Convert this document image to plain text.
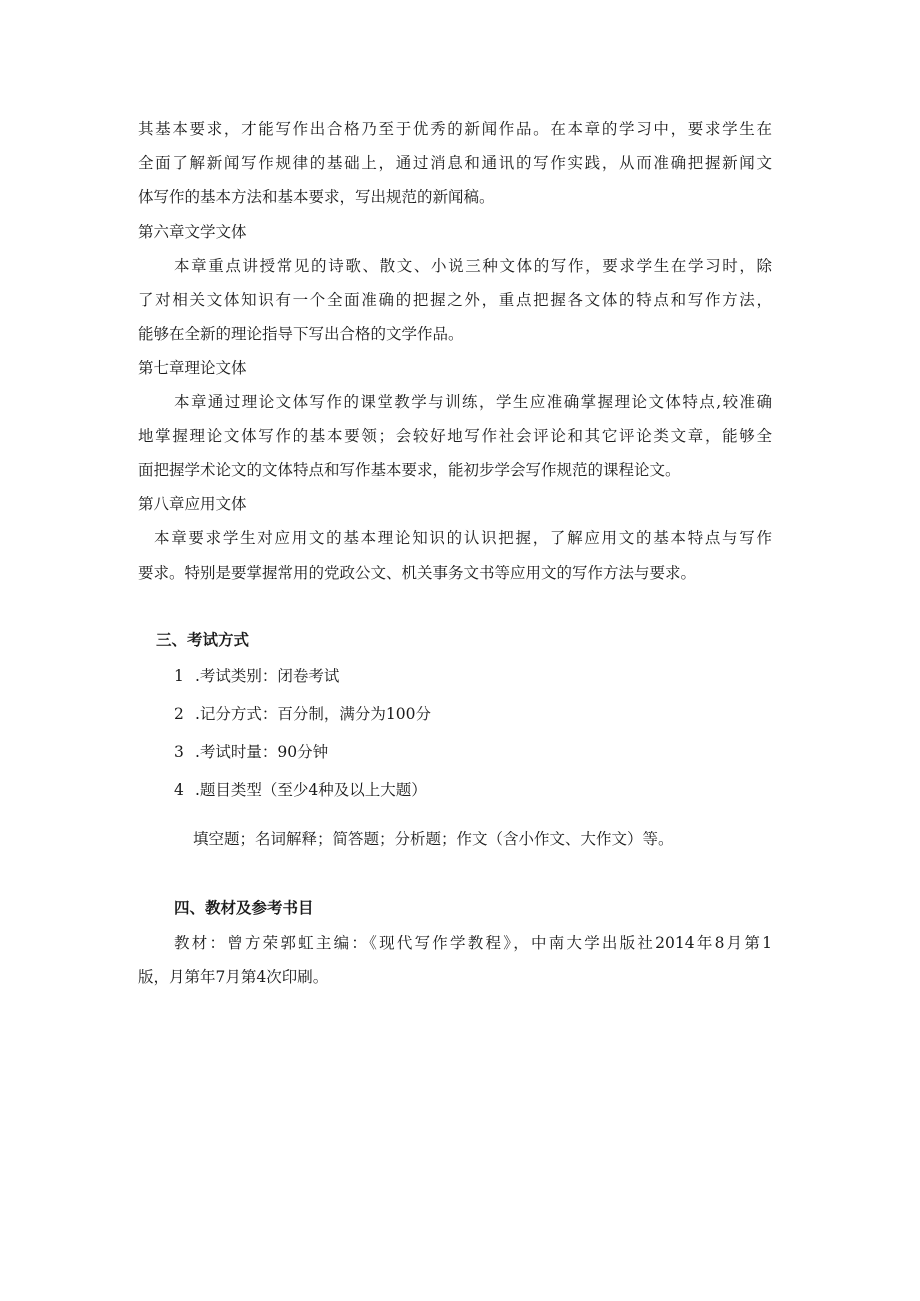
其基本要求，才能写作出合格乃至于优秀的新闻作品。在本章的学习中，要求学生在
全面了解新闻写作规律的基础上，通过消息和通讯的写作实践，从而准确把握新闻文
体写作的基本方法和基本要求，写出规范的新闻稿。
第六章文学文体
本章重点讲授常见的诗歌、散文、小说三种文体的写作，要求学生在学习时，除
了对相关文体知识有一个全面准确的把握之外，重点把握各文体的特点和写作方法，
能够在全新的理论指导下写出合格的文学作品。
第七章理论文体
本章通过理论文体写作的课堂教学与训练，学生应准确掌握理论文体特点,较准确
地掌握理论文体写作的基本要领；会较好地写作社会评论和其它评论类文章，能够全
面把握学术论文的文体特点和写作基本要求，能初步学会写作规范的课程论文。
第八章应用文体
本章要求学生对应用文的基本理论知识的认识把握，了解应用文的基本特点与写作
要求。特别是要掌握常用的党政公文、机关事务文书等应用文的写作方法与要求。
三、考试方式
1 .考试类别：闭卷考试
2 .记分方式：百分制，满分为100分
3 .考试时量：90分钟
4 .题目类型（至少4种及以上大题）
填空题；名词解释；简答题；分析题；作文（含小作文、大作文）等。
四、教材及参考书目
教材：曾方荣郭虹主编：《现代写作学教程》，中南大学出版社2014年8月第1
版，月第年7月第4次印刷。
